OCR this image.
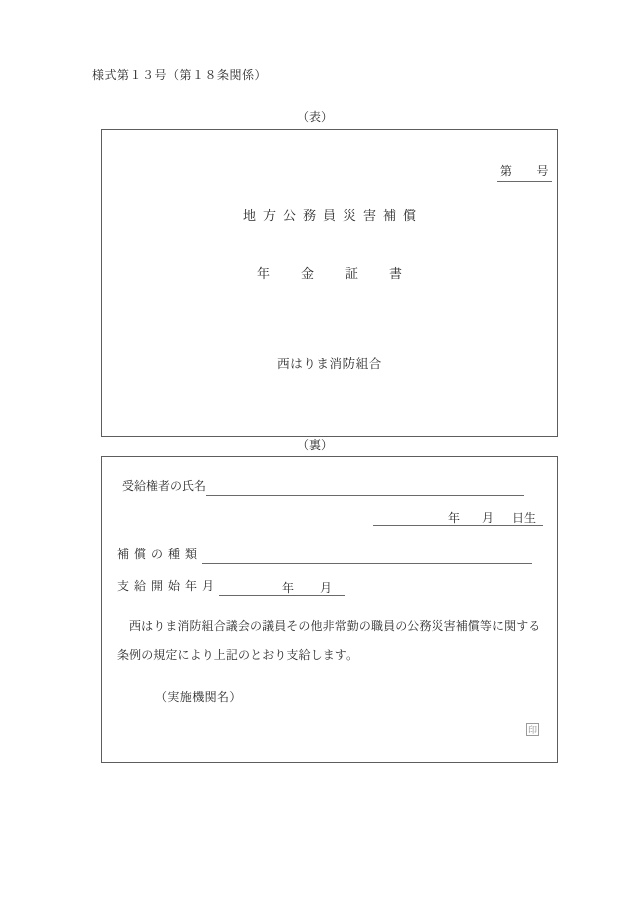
様式第１３号（第１８条関係）
（表）
第 号
地方公務員災害補償
年金証書
西はりま消防組合
（裏）
受給権者の氏名
年	月	日生
補償の種類
支給開始年月	年	月
西はりま消防組合議会の議員その他非常勤の職員の公務災害補償等に関する条例の規定により上記のとおり支給します。
（実施機関名）
印
